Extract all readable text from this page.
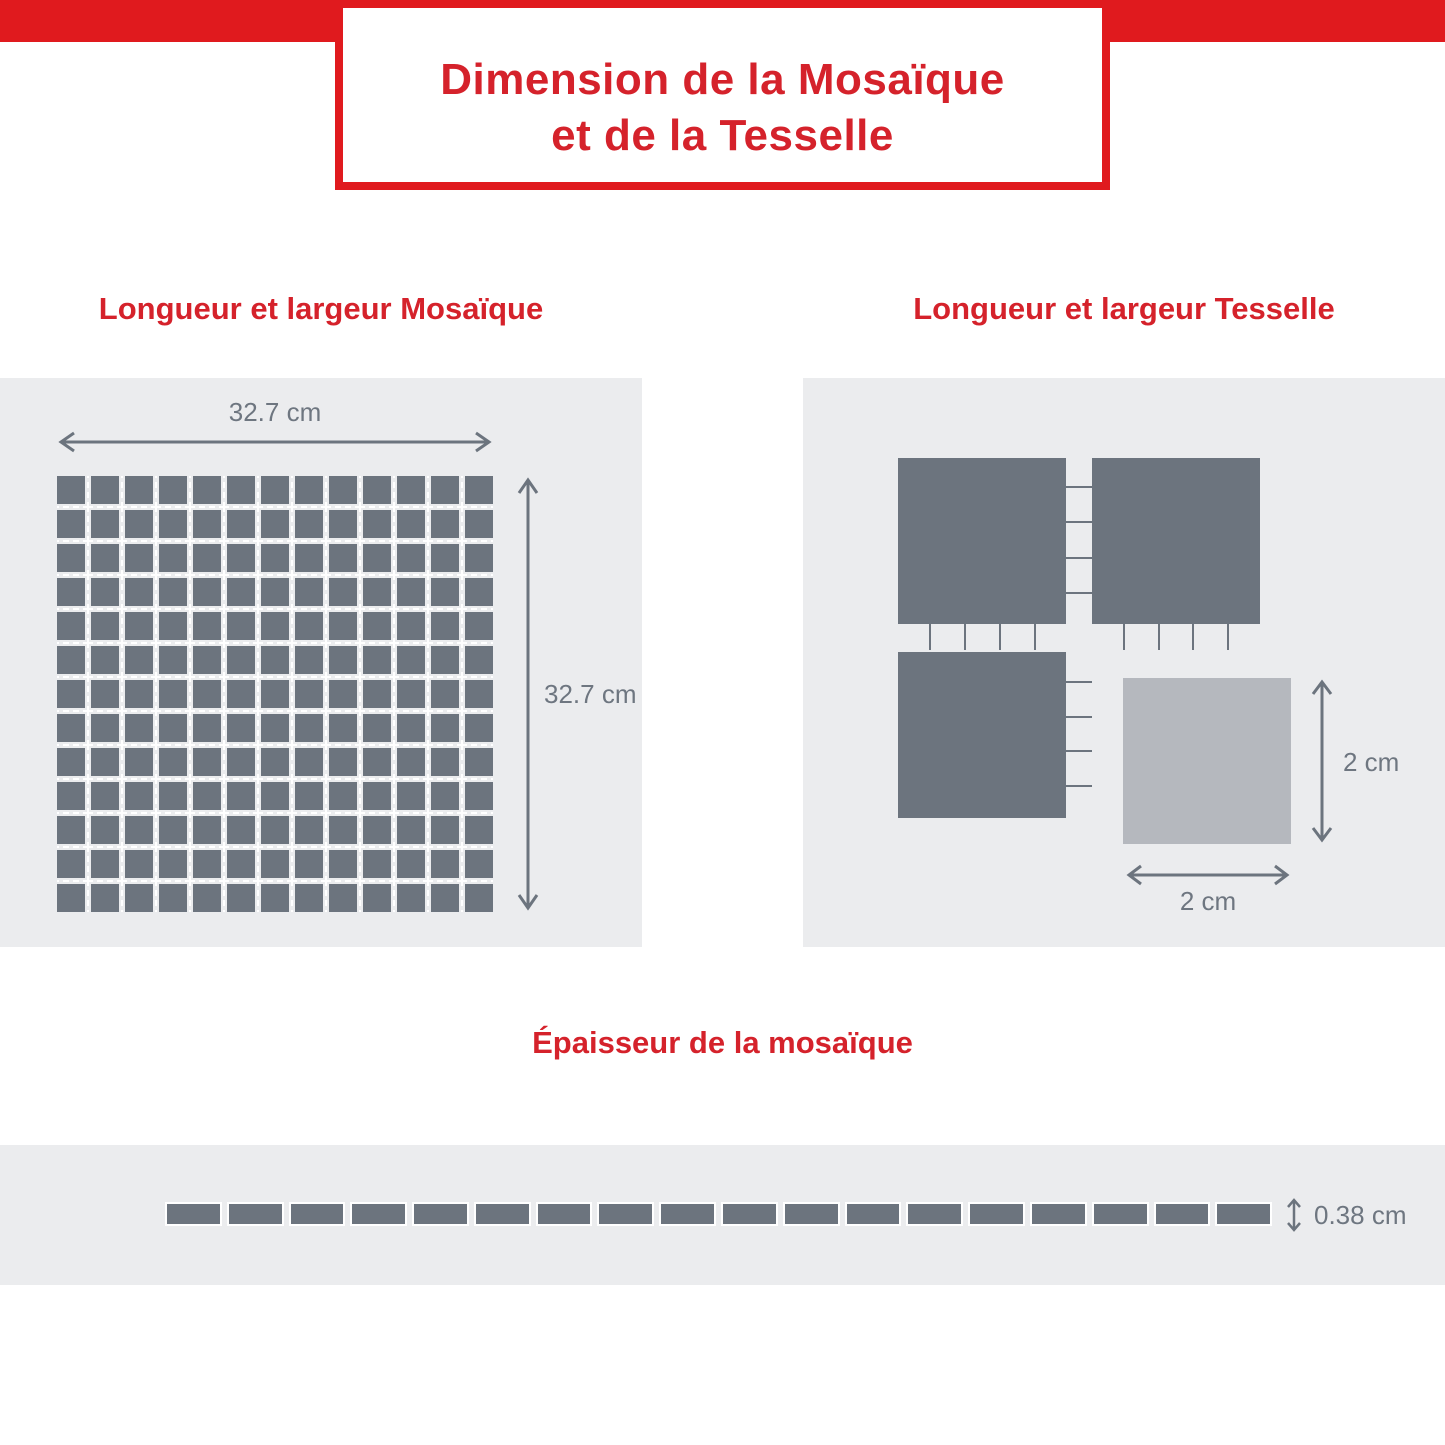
Dimension de la Mosaïque
et de la Tesselle
Longueur et largeur Mosaïque	Longueur et largeur Tesselle
32.7 cm
32.7 cm
2 cm
2 cm
Épaisseur de la mosaïque
0.38 cm
